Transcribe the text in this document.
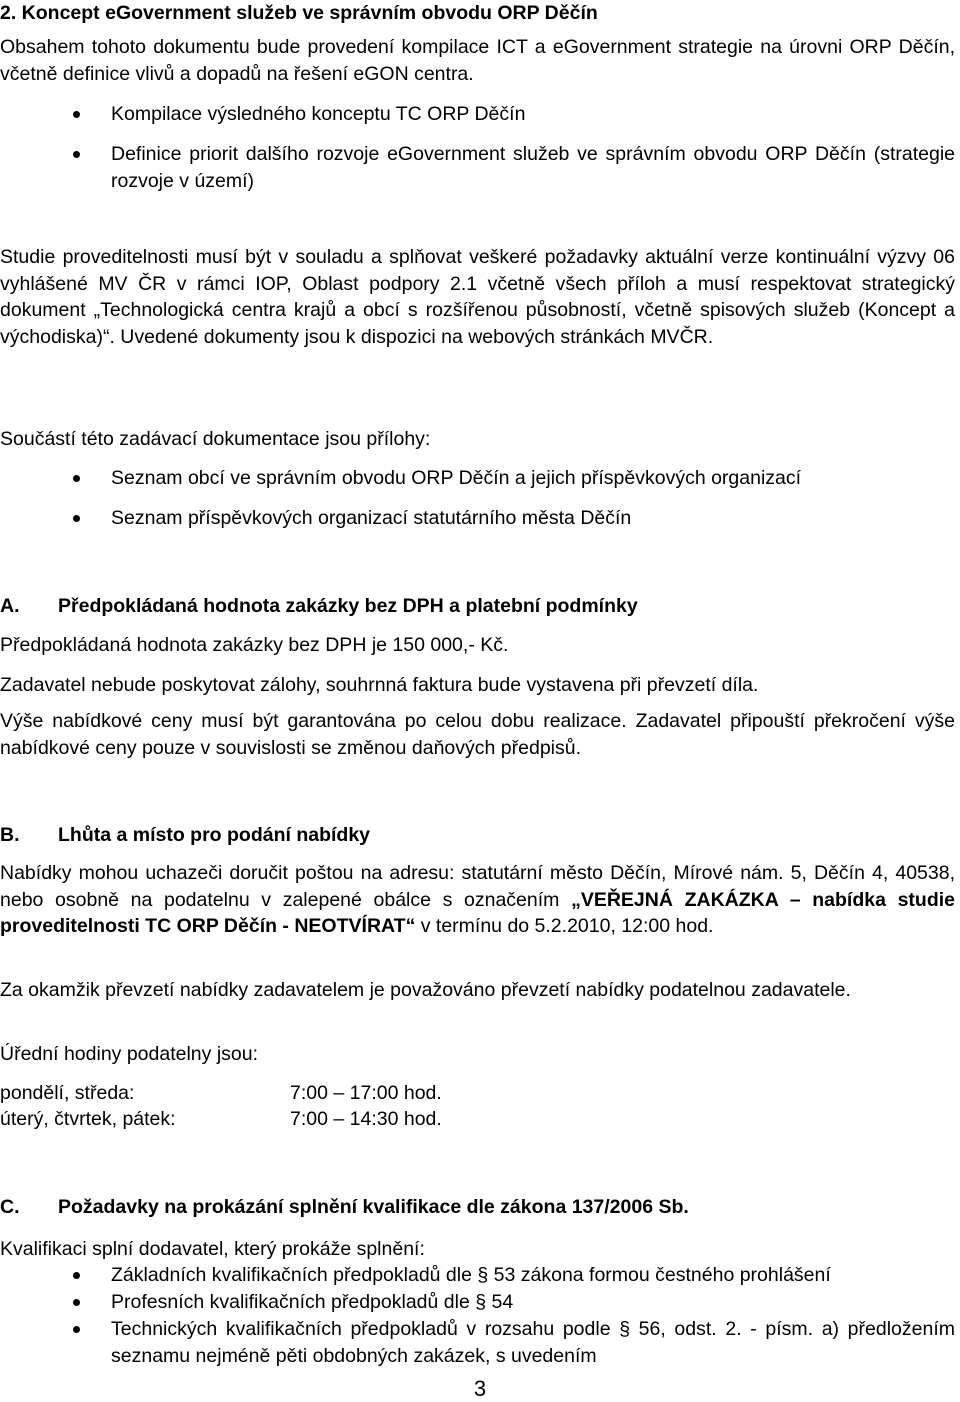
2. Koncept eGovernment služeb ve správním obvodu ORP Děčín
Obsahem tohoto dokumentu bude provedení kompilace ICT a eGovernment strategie na úrovni ORP Děčín, včetně definice vlivů a dopadů na řešení eGON centra.
Kompilace výsledného konceptu TC ORP Děčín
Definice priorit dalšího rozvoje eGovernment služeb ve správním obvodu ORP Děčín (strategie rozvoje v území)
Studie proveditelnosti musí být v souladu a splňovat veškeré požadavky aktuální verze kontinuální výzvy 06 vyhlášené MV ČR v rámci IOP, Oblast podpory 2.1 včetně všech příloh a musí respektovat strategický dokument „Technologická centra krajů a obcí s rozšířenou působností, včetně spisových služeb (Koncept a východiska)“. Uvedené dokumenty jsou k dispozici na webových stránkách MVČR.
Součástí této zadávací dokumentace jsou přílohy:
Seznam obcí ve správním obvodu ORP Děčín a jejich příspěvkových organizací
Seznam příspěvkových organizací statutárního města Děčín
A. Předpokládaná hodnota zakázky bez DPH a platební podmínky
Předpokládaná hodnota zakázky bez DPH je 150 000,- Kč.
Zadavatel nebude poskytovat zálohy, souhrnná faktura bude vystavena při převzetí díla.
Výše nabídkové ceny musí být garantována po celou dobu realizace. Zadavatel připouští překročení výše nabídkové ceny pouze v souvislosti se změnou daňových předpisů.
B. Lhůta a místo pro podání nabídky
Nabídky mohou uchazeči doručit poštou na adresu: statutární město Děčín, Mírové nám. 5, Děčín 4, 40538, nebo osobně na podatelnu v zalepené obálce s označením „VEŘEJNÁ ZAKÁZKA – nabídka studie proveditelnosti TC ORP Děčín - NEOTVÍRAT“ v termínu do 5.2.2010, 12:00 hod.
Za okamžik převzetí nabídky zadavatelem je považováno převzetí nabídky podatelnou zadavatele.
Úřední hodiny podatelny jsou:
pondělí, středa:	7:00 – 17:00 hod.
úterý, čtvrtek, pátek:	7:00 – 14:30 hod.
C. Požadavky na prokázání splnění kvalifikace dle zákona 137/2006 Sb.
Kvalifikaci splní dodavatel, který prokáže splnění:
Základních kvalifikačních předpokladů dle § 53 zákona formou čestného prohlášení
Profesních kvalifikačních předpokladů dle § 54
Technických kvalifikačních předpokladů v rozsahu podle § 56, odst. 2. - písm. a) předložením seznamu nejméně pěti obdobných zakázek, s uvedením
3
